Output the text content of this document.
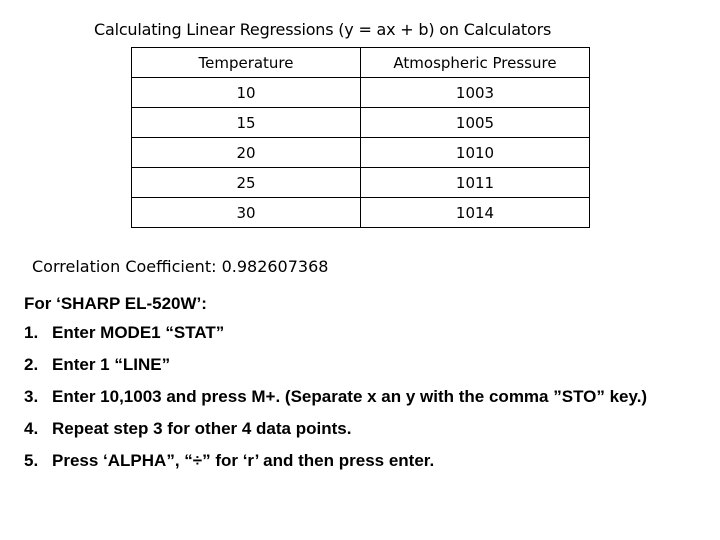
Calculating Linear Regressions (y = ax + b) on Calculators
Temperature	Atmospheric Pressure
10	1003
15	1005
20	1010
25	1011
30	1014
Correlation Coefficient: 0.982607368
For ‘SHARP EL-520W’:
1. Enter MODE1 “STAT”
2. Enter 1 “LINE”
3. Enter 10,1003 and press M+. (Separate x an y with the comma ”STO” key.)
4. Repeat step 3 for other 4 data points.
5. Press ‘ALPHA”, “÷” for ‘r’ and then press enter.
